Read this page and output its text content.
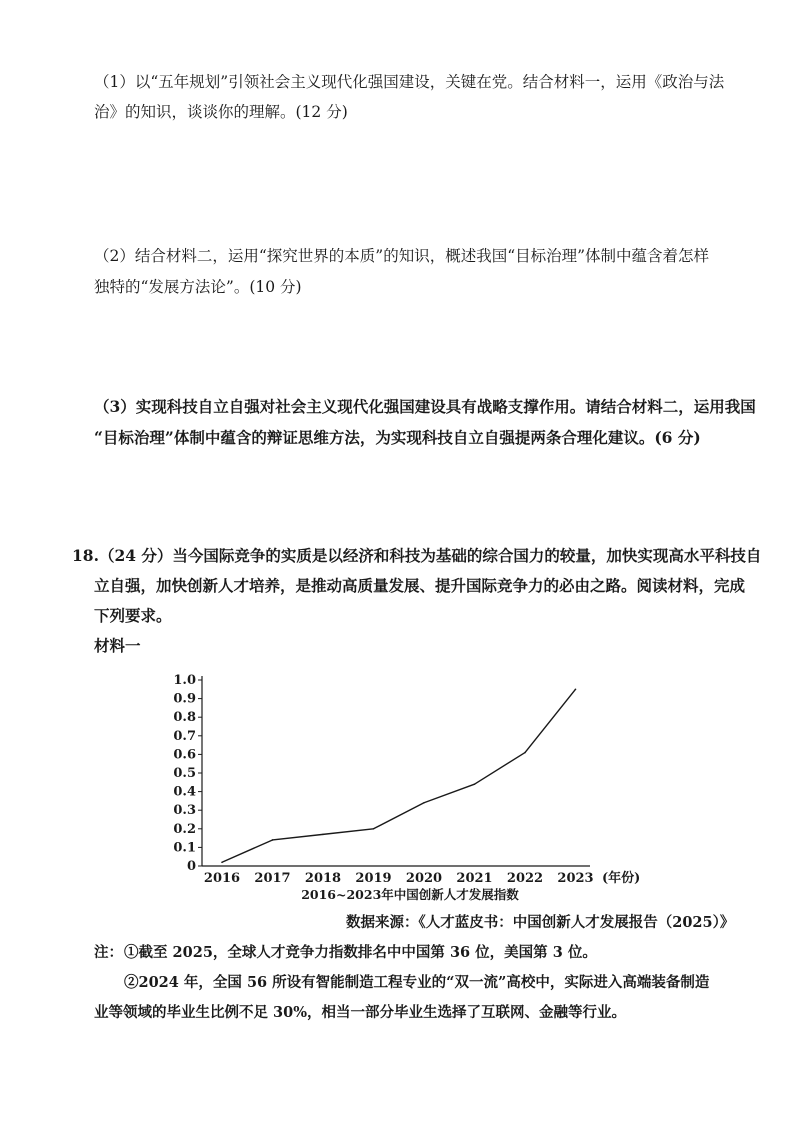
（1）以“五年规划”引领社会主义现代化强国建设，关键在党。结合材料一，运用《政治与法
治》的知识，谈谈你的理解。(12 分)
（2）结合材料二，运用“探究世界的本质”的知识，概述我国“目标治理”体制中蕴含着怎样
独特的“发展方法论”。(10 分)
（3）实现科技自立自强对社会主义现代化强国建设具有战略支撑作用。请结合材料二，运用我国
“目标治理”体制中蕴含的辩证思维方法，为实现科技自立自强提两条合理化建议。(6 分)
18.（24 分）当今国际竞争的实质是以经济和科技为基础的综合国力的较量，加快实现高水平科技自
立自强，加快创新人才培养，是推动高质量发展、提升国际竞争力的必由之路。阅读材料，完成
下列要求。
材料一
0
0.1
0.2
0.3
0.4
0.5
0.6
0.7
0.8
0.9
1.0
2016 2017 2018 2019 2020 2021 2022 2023 (年份)
2016~2023年中国创新人才发展指数
数据来源：《人才蓝皮书：中国创新人才发展报告（2025）》
注： ①截至 2025，全球人才竞争力指数排名中中国第 36 位，美国第 3 位。
②2024 年，全国 56 所设有智能制造工程专业的“双一流”高校中，实际进入高端装备制造
业等领域的毕业生比例不足 30%，相当一部分毕业生选择了互联网、金融等行业。
